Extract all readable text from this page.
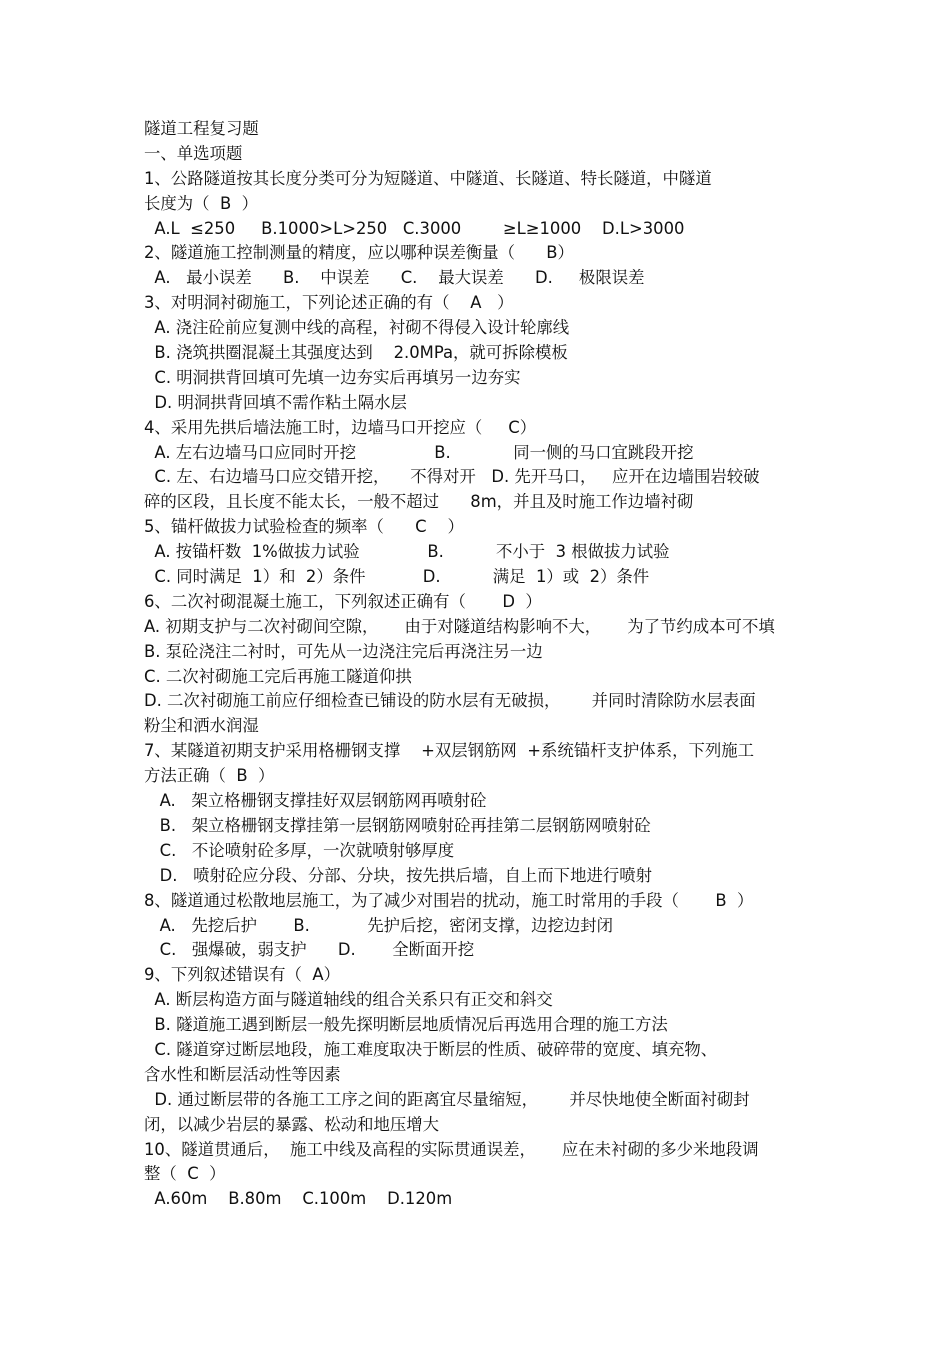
隧道工程复习题
一、单选项题
1、公路隧道按其长度分类可分为短隧道、中隧道、长隧道、特长隧道，中隧道
长度为（  B  ）
A.L  ≤250     B.1000>L>250   C.3000        ≥L≥1000    D.L>3000
2、隧道施工控制测量的精度，应以哪种误差衡量（      B）
A.   最小误差      B.    中误差      C.    最大误差      D.     极限误差
3、对明洞衬砌施工，下列论述正确的有（    A   ）
A. 浇注砼前应复测中线的高程，衬砌不得侵入设计轮廓线
B. 浇筑拱圈混凝土其强度达到    2.0MPa，就可拆除模板
C. 明洞拱背回填可先填一边夯实后再填另一边夯实
D. 明洞拱背回填不需作粘土隔水层
4、采用先拱后墙法施工时，边墙马口开挖应（     C）
A. 左右边墙马口应同时开挖               B.            同一侧的马口宜跳段开挖
C. 左、右边墙马口应交错开挖，    不得对开   D. 先开马口，   应开在边墙围岩较破
碎的区段，且长度不能太长，一般不超过      8m，并且及时施工作边墙衬砌
5、锚杆做拔力试验检查的频率（      C    ）
A. 按锚杆数  1%做拔力试验             B.          不小于  3 根做拔力试验
C. 同时满足  1）和  2）条件           D.          满足  1）或  2）条件
6、二次衬砌混凝土施工，下列叙述正确有（       D  ）
A. 初期支护与二次衬砌间空隙，     由于对隧道结构影响不大，     为了节约成本可不填
B. 泵砼浇注二衬时，可先从一边浇注完后再浇注另一边
C. 二次衬砌施工完后再施工隧道仰拱
D. 二次衬砌施工前应仔细检查已铺设的防水层有无破损，      并同时清除防水层表面
粉尘和洒水润湿
7、某隧道初期支护采用格栅钢支撑    +双层钢筋网  +系统锚杆支护体系，下列施工
方法正确（  B  ）
A.   架立格栅钢支撑挂好双层钢筋网再喷射砼
B.   架立格栅钢支撑挂第一层钢筋网喷射砼再挂第二层钢筋网喷射砼
C.   不论喷射砼多厚，一次就喷射够厚度
D.   喷射砼应分段、分部、分块，按先拱后墙，自上而下地进行喷射
8、隧道通过松散地层施工，为了减少对围岩的扰动，施工时常用的手段（       B  ）
A.   先挖后护       B.           先护后挖，密闭支撑，边挖边封闭
C.   强爆破，弱支护      D.       全断面开挖
9、下列叙述错误有（  A）
A. 断层构造方面与隧道轴线的组合关系只有正交和斜交
B. 隧道施工遇到断层一般先探明断层地质情况后再选用合理的施工方法
C. 隧道穿过断层地段，施工难度取决于断层的性质、破碎带的宽度、填充物、
含水性和断层活动性等因素
D. 通过断层带的各施工工序之间的距离宜尽量缩短，      并尽快地使全断面衬砌封
闭，以减少岩层的暴露、松动和地压增大
10、隧道贯通后，  施工中线及高程的实际贯通误差，     应在未衬砌的多少米地段调
整（  C  ）
A.60m    B.80m    C.100m    D.120m
